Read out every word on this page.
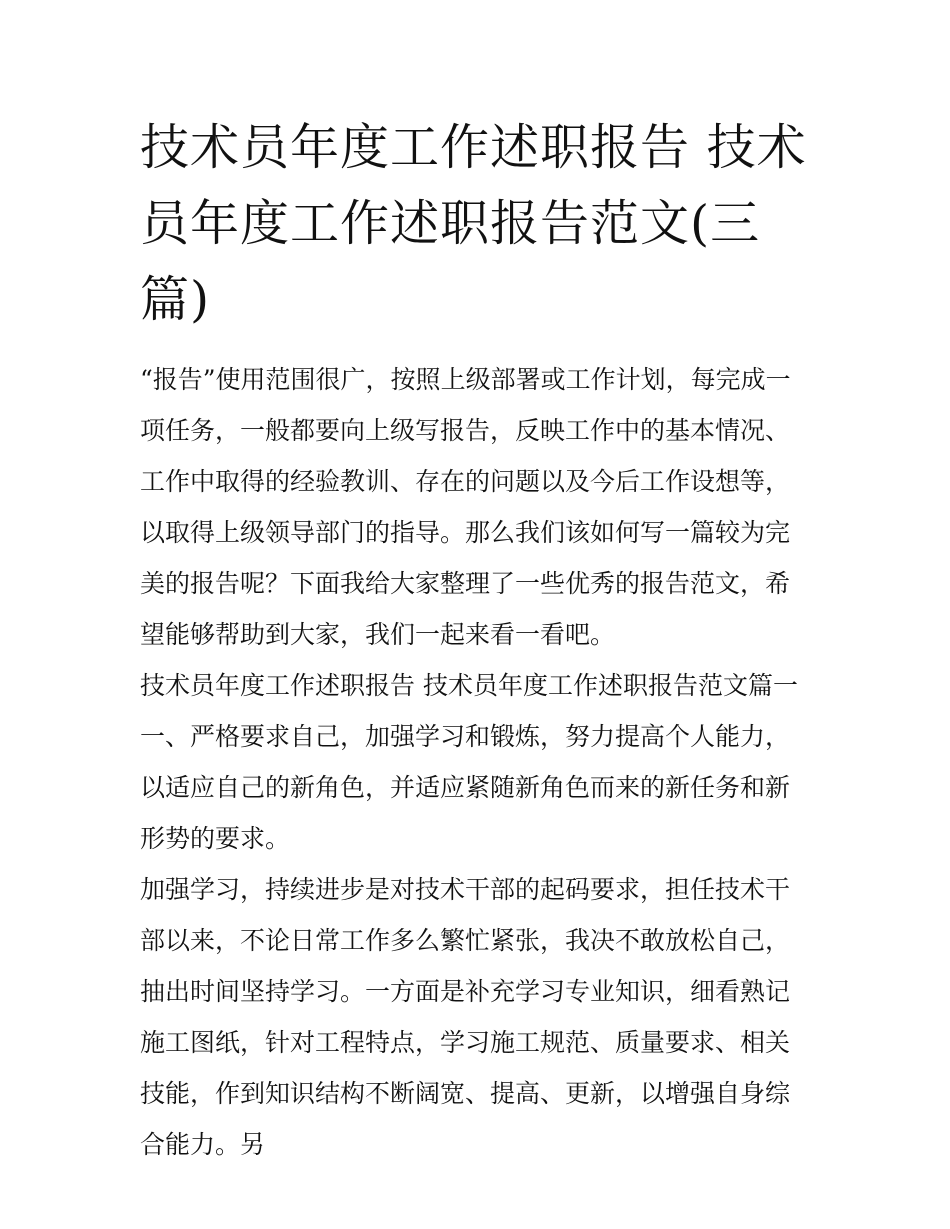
技术员年度工作述职报告 技术员年度工作述职报告范文(三篇)

“报告”使用范围很广，按照上级部署或工作计划，每完成一项任务，一般都要向上级写报告，反映工作中的基本情况、工作中取得的经验教训、存在的问题以及今后工作设想等，以取得上级领导部门的指导。那么我们该如何写一篇较为完美的报告呢？下面我给大家整理了一些优秀的报告范文，希望能够帮助到大家，我们一起来看一看吧。

技术员年度工作述职报告 技术员年度工作述职报告范文篇一

一、严格要求自己，加强学习和锻炼，努力提高个人能力，以适应自己的新角色，并适应紧随新角色而来的新任务和新形势的要求。

加强学习，持续进步是对技术干部的起码要求，担任技术干部以来，不论日常工作多么繁忙紧张，我决不敢放松自己，抽出时间坚持学习。一方面是补充学习专业知识，细看熟记施工图纸，针对工程特点，学习施工规范、质量要求、相关技能，作到知识结构不断阔宽、提高、更新，以增强自身综合能力。另
